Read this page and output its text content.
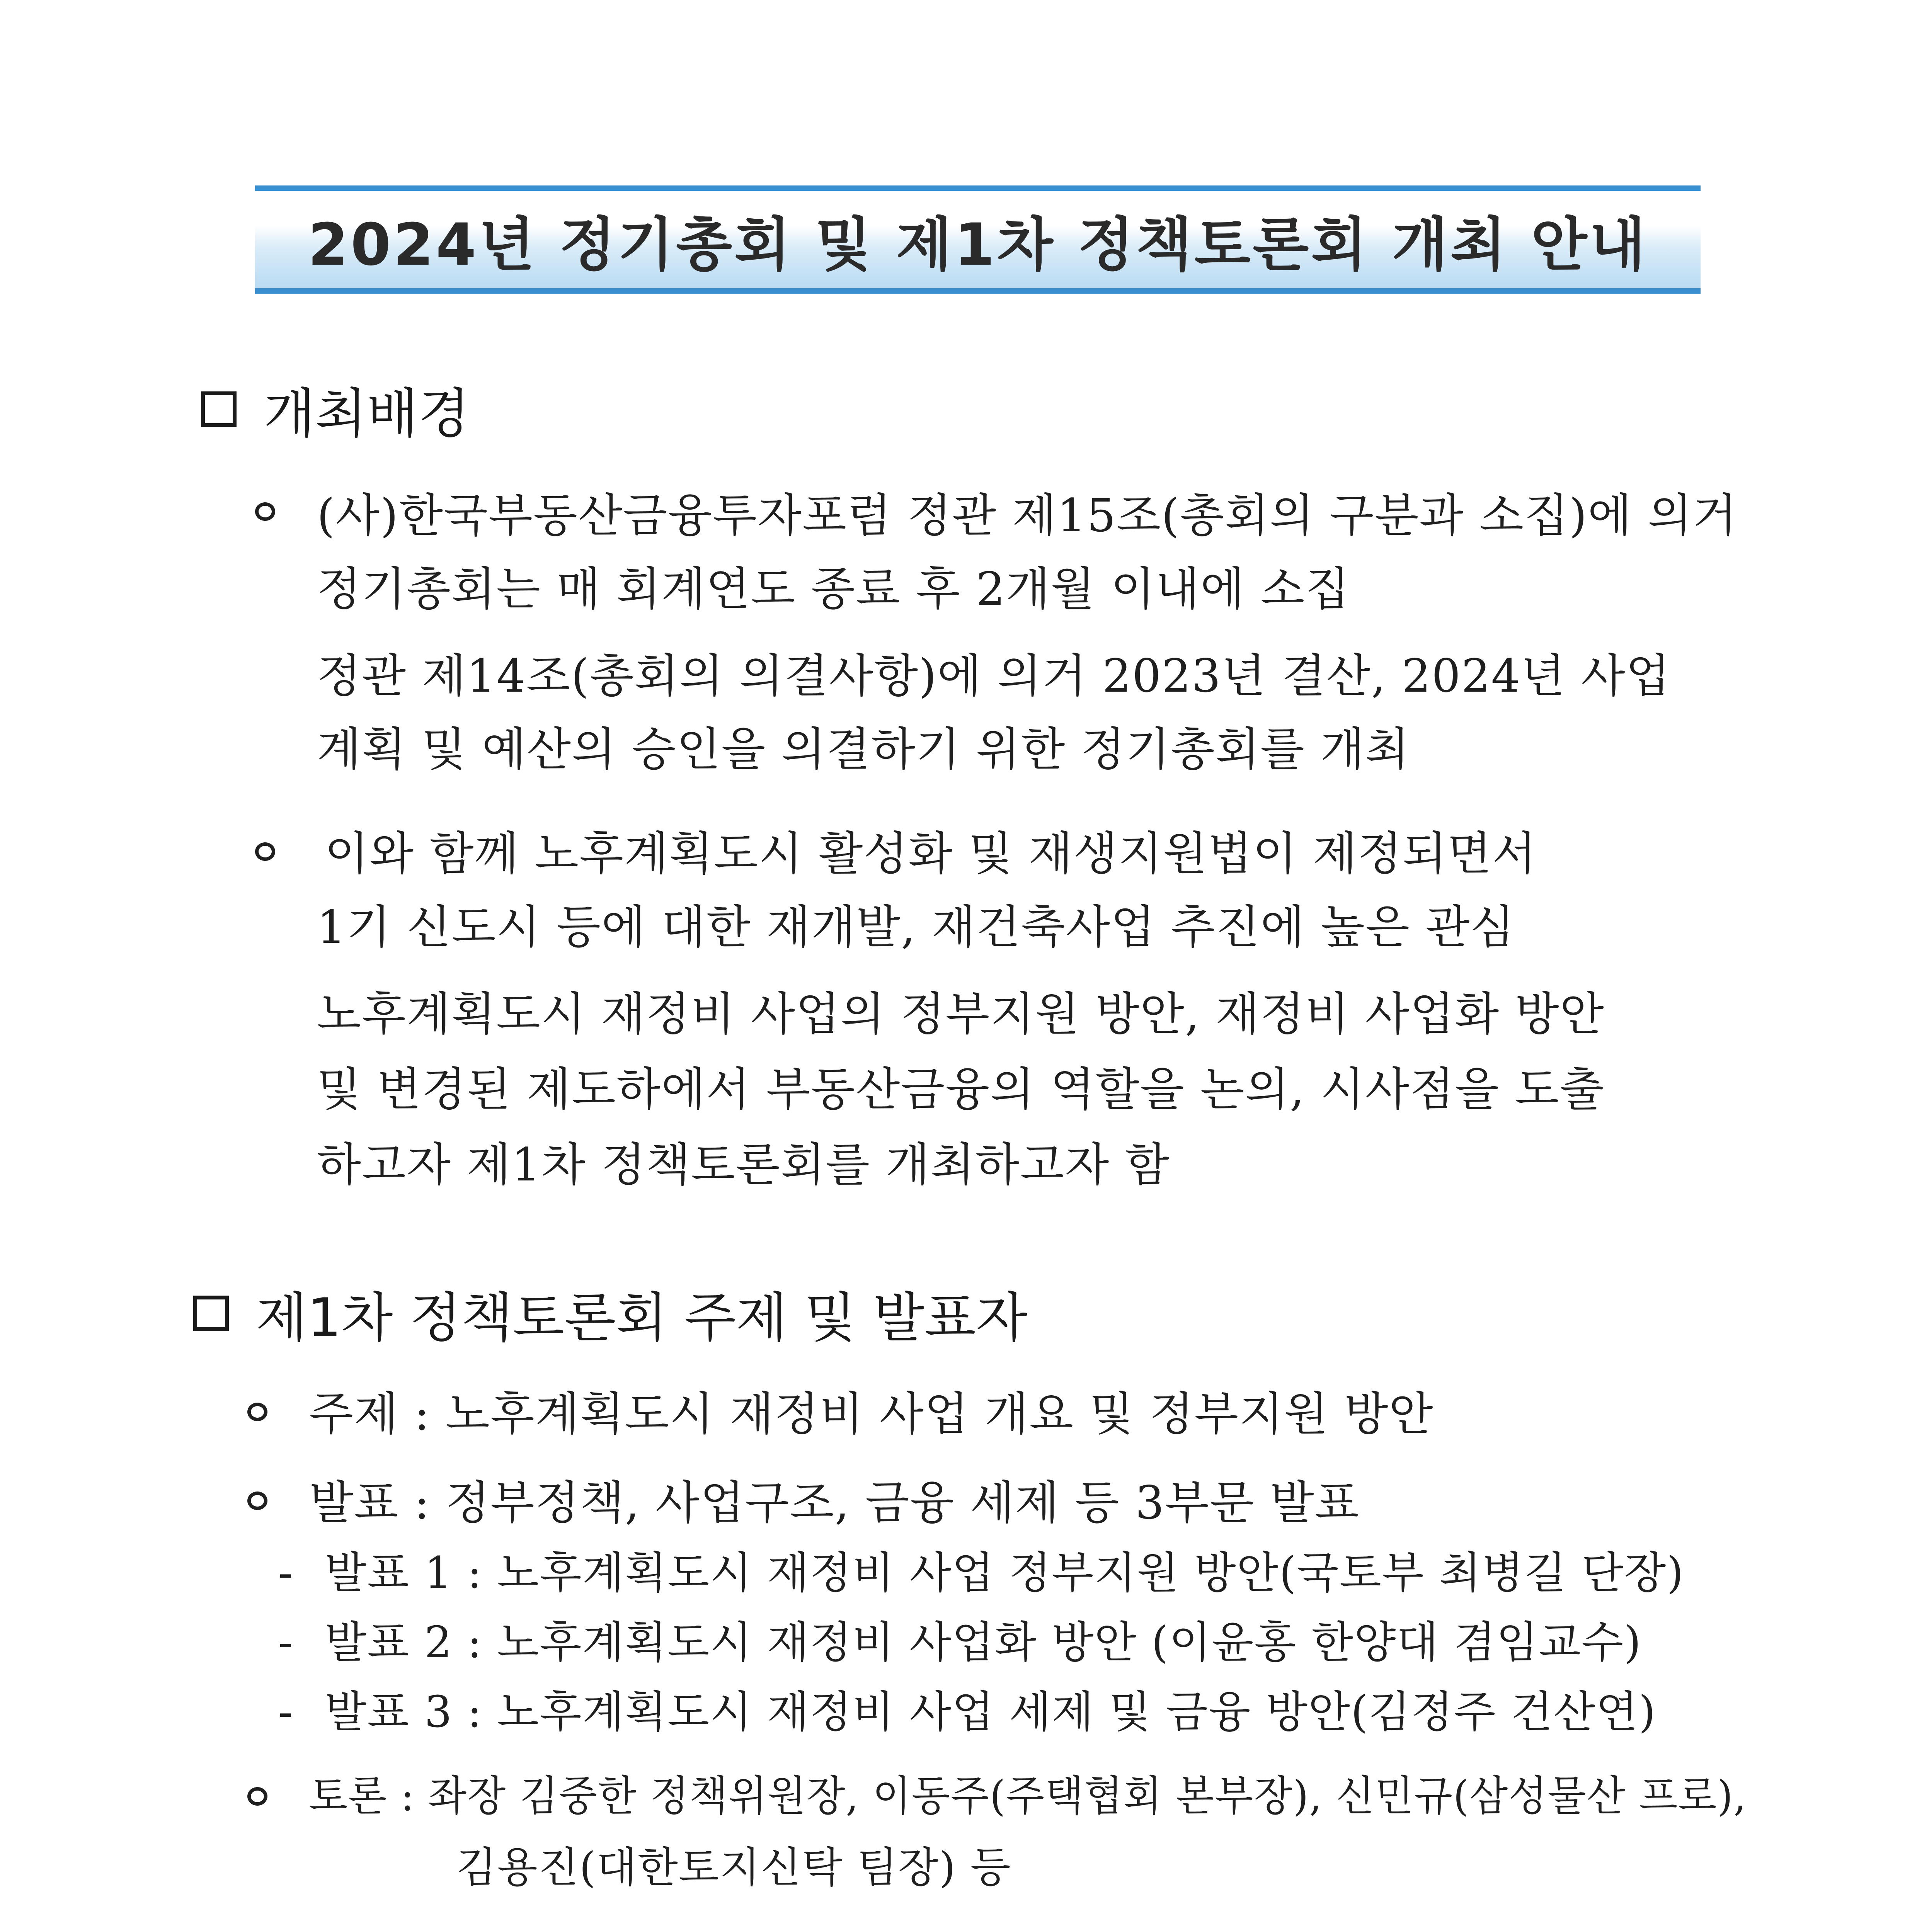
2024년 정기총회 및 제1차 정책토론회 개최 안내
개최배경
(사)한국부동산금융투자포럼 정관 제15조(총회의 구분과 소집)에 의거
정기총회는 매 회계연도 종료 후 2개월 이내에 소집
정관 제14조(총회의 의결사항)에 의거 2023년 결산, 2024년 사업
계획 및 예산의 승인을 의결하기 위한 정기총회를 개최
이와 함께 노후계획도시 활성화 및 재생지원법이 제정되면서
1기 신도시 등에 대한 재개발, 재건축사업 추진에 높은 관심
노후계획도시 재정비 사업의 정부지원 방안, 재정비 사업화 방안
및 변경된 제도하에서 부동산금융의 역할을 논의, 시사점을 도출
하고자 제1차 정책토론회를 개최하고자 함
제1차 정책토론회 주제 및 발표자
주제 : 노후계획도시 재정비 사업 개요 및 정부지원 방안
발표 : 정부정책, 사업구조, 금융 세제 등 3부문 발표
- 발표 1 : 노후계획도시 재정비 사업 정부지원 방안(국토부 최병길 단장)
- 발표 2 : 노후계획도시 재정비 사업화 방안 (이윤홍 한양대 겸임교수)
- 발표 3 : 노후계획도시 재정비 사업 세제 및 금융 방안(김정주 건산연)
토론 : 좌장 김중한 정책위원장, 이동주(주택협회 본부장), 신민규(삼성물산 프로),
김용진(대한토지신탁 팀장) 등
